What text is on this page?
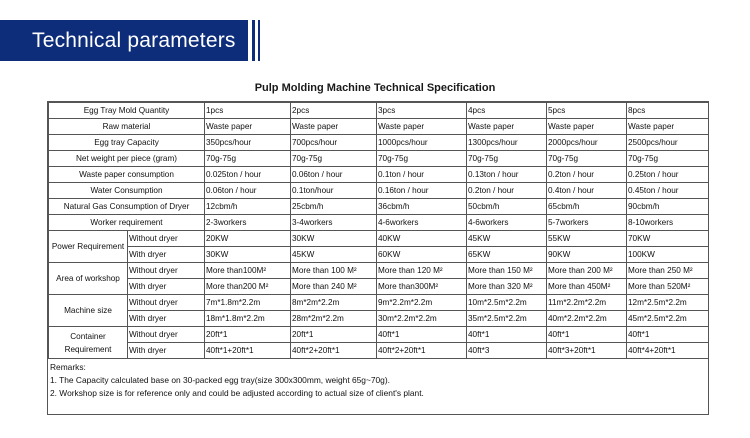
Technical parameters
Pulp Molding Machine Technical Specification
Egg Tray Mold Quantity		1pcs	2pcs	3pcs	4pcs	5pcs	8pcs
Raw material		Waste paper	Waste paper	Waste paper	Waste paper	Waste paper	Waste paper
Egg tray Capacity		350pcs/hour	700pcs/hour	1000pcs/hour	1300pcs/hour	2000pcs/hour	2500pcs/hour
Net weight per piece (gram)		70g-75g	70g-75g	70g-75g	70g-75g	70g-75g	70g-75g
Waste paper consumption		0.025ton / hour	0.06ton / hour	0.1ton / hour	0.13ton / hour	0.2ton / hour	0.25ton / hour
Water Consumption		0.06ton / hour	0.1ton/hour	0.16ton / hour	0.2ton / hour	0.4ton / hour	0.45ton / hour
Natural Gas Consumption of Dryer		12cbm/h	25cbm/h	36cbm/h	50cbm/h	65cbm/h	90cbm/h
Worker requirement		2-3workers	3-4workers	4-6workers	4-6workers	5-7workers	8-10workers
Power Requirement	Without dryer	20KW	30KW	40KW	45KW	55KW	70KW
	With dryer	30KW	45KW	60KW	65KW	90KW	100KW
Area of workshop	Without dryer	More than100M²	More than 100 M²	More than 120 M²	More than 150 M²	More than 200 M²	More than 250 M²
	With dryer	More than200 M²	More than 240 M²	More than300M²	More than 320 M²	More than 450M²	More than 520M²
Machine size	Without dryer	7m*1.8m*2.2m	8m*2m*2.2m	9m*2.2m*2.2m	10m*2.5m*2.2m	11m*2.2m*2.2m	12m*2.5m*2.2m
	With dryer	18m*1.8m*2.2m	28m*2m*2.2m	30m*2.2m*2.2m	35m*2.5m*2.2m	40m*2.2m*2.2m	45m*2.5m*2.2m
Container Requirement	Without dryer	20ft*1	20ft*1	40ft*1	40ft*1	40ft*1	40ft*1
	With dryer	40ft*1+20ft*1	40ft*2+20ft*1	40ft*2+20ft*1	40ft*3	40ft*3+20ft*1	40ft*4+20ft*1
Remarks:
1. The Capacity calculated base on 30-packed egg tray(size 300x300mm, weight 65g~70g).
2. Workshop size is for reference only and could be adjusted according to actual size of client's plant.
